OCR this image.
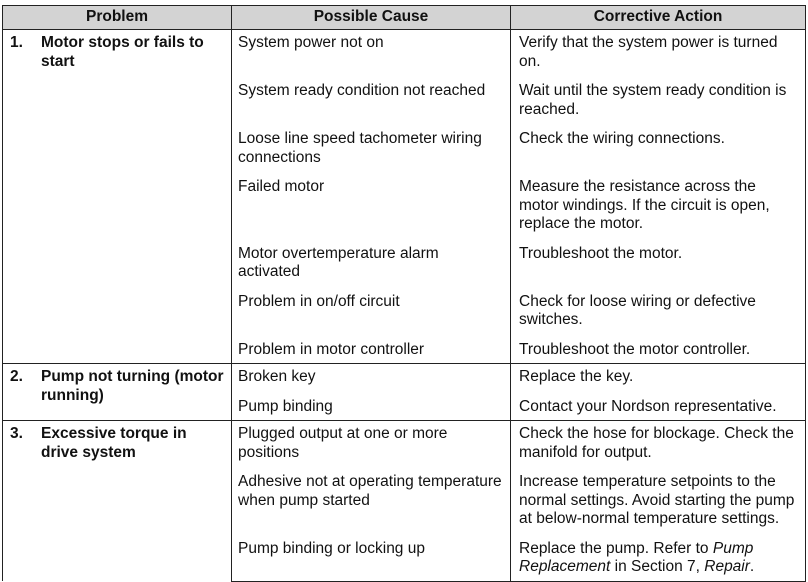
Problem	Possible Cause	Corrective Action

1. Motor stops or fails to start	System power not on	Verify that the system power is turned on.

	System ready condition not reached	Wait until the system ready condition is reached.

	Loose line speed tachometer wiring connections	Check the wiring connections.

	Failed motor	Measure the resistance across the motor windings. If the circuit is open, replace the motor.

	Motor overtemperature alarm activated	Troubleshoot the motor.

	Problem in on/off circuit	Check for loose wiring or defective switches.

	Problem in motor controller	Troubleshoot the motor controller.

2. Pump not turning (motor running)	Broken key	Replace the key.

	Pump binding	Contact your Nordson representative.

3. Excessive torque in drive system	Plugged output at one or more positions	Check the hose for blockage. Check the manifold for output.

	Adhesive not at operating temperature when pump started	Increase temperature setpoints to the normal settings. Avoid starting the pump at below-normal temperature settings.

	Pump binding or locking up	Replace the pump. Refer to Pump Replacement in Section 7, Repair.
